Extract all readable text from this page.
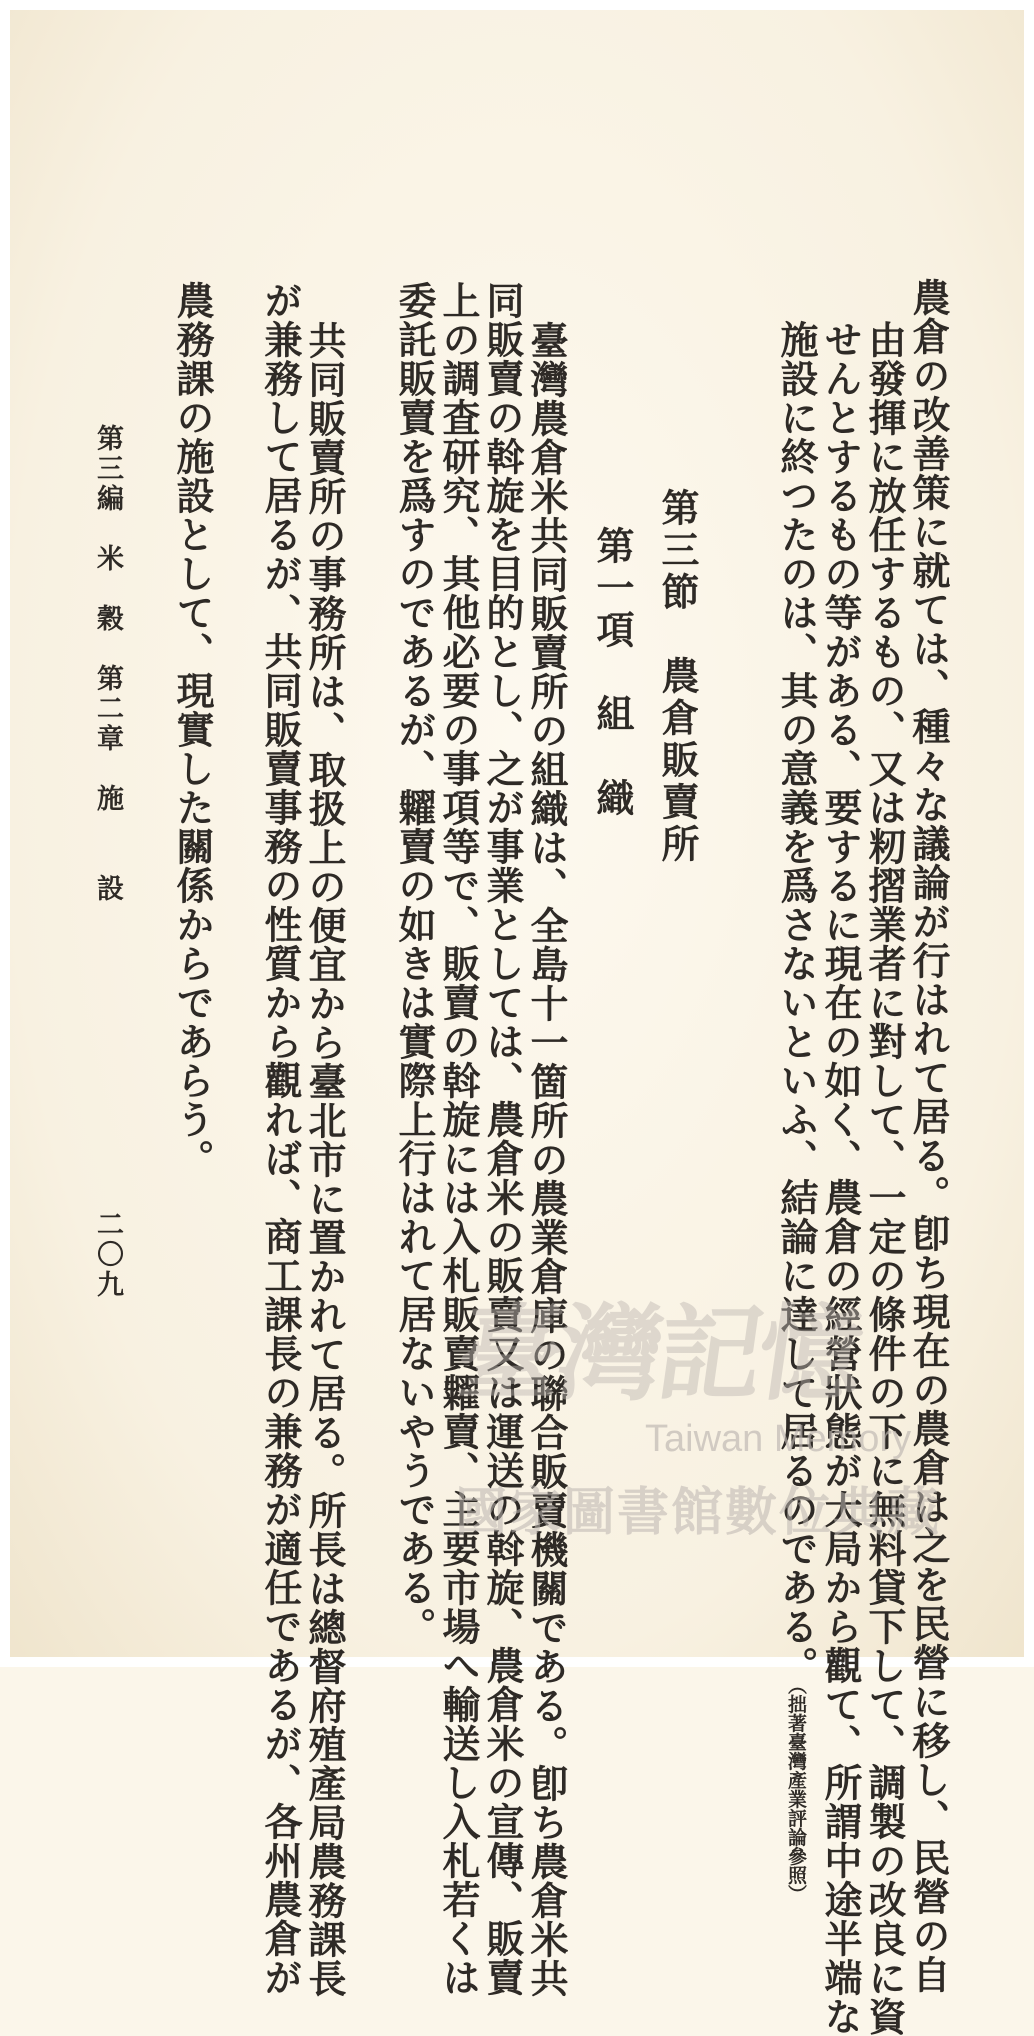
農倉の改善策に就ては、種々な議論が行はれて居る。卽ち現在の農倉は之を民營に移し、民營の自
由發揮に放任するもの、又は籾摺業者に對して、一定の條件の下に無料貸下して、調製の改良に資
せんとするもの等がある、要するに現在の如く、農倉の經營狀態が大局から觀て、所謂中途半端な
施設に終つたのは、其の意義を爲さないといふ、結論に達して居るのである。（拙著臺灣產業評論參照）
第三節　農倉販賣所
第一項　組　織
臺灣農倉米共同販賣所の組織は、全島十一箇所の農業倉庫の聯合販賣機關である。卽ち農倉米共
同販賣の斡旋を目的とし、之が事業としては、農倉米の販賣又は運送の斡旋、農倉米の宣傳、販賣
上の調査研究、其他必要の事項等で、販賣の斡旋には入札販賣糶賣、主要市場へ輸送し入札若くは
委託販賣を爲すのであるが、糶賣の如きは實際上行はれて居ないやうである。
共同販賣所の事務所は、取扱上の便宜から臺北市に置かれて居る。所長は總督府殖產局農務課長
が兼務して居るが、共同販賣事務の性質から觀れば、商工課長の兼務が適任であるが、各州農倉が
農務課の施設として、現實した關係からであらう。
第三編　米　穀　第二章　施　　設
二〇九
臺灣記憶
Taiwan Memory
國家圖書館數位典藏
